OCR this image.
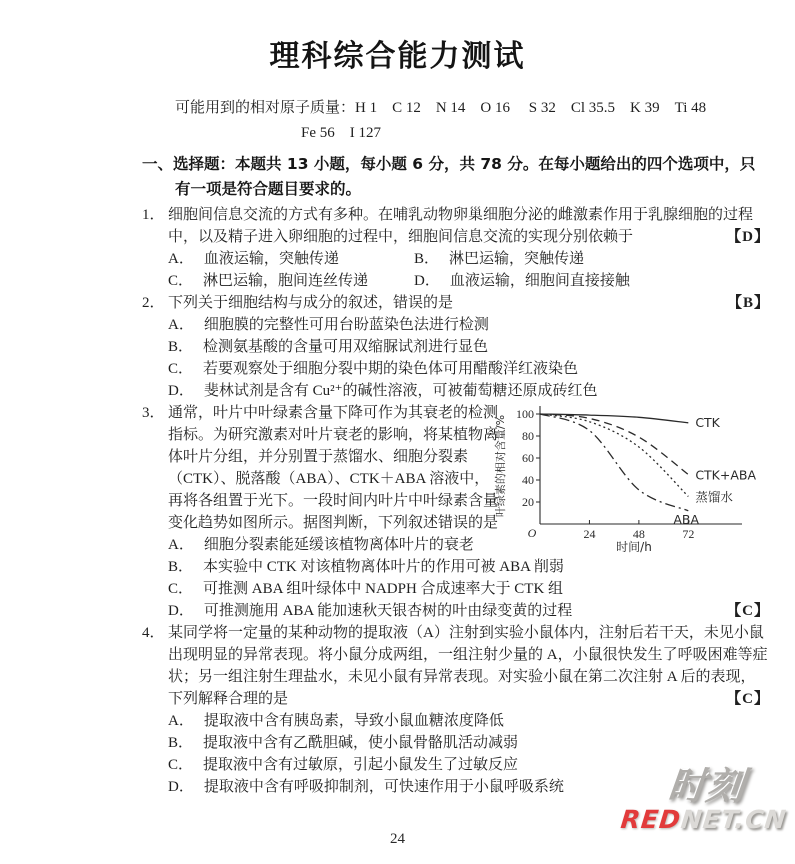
理科综合能力测试
可能用到的相对原子质量：H 1　C 12　N 14　O 16　 S 32　Cl 35.5　K 39　Ti 48
Fe 56　I 127
一、选择题：本题共 13 小题，每小题 6 分，共 78 分。在每小题给出的四个选项中，只有一项是符合题目要求的。

1． 细胞间信息交流的方式有多种。在哺乳动物卵巢细胞分泌的雌激素作用于乳腺细胞的过程中，以及精子进入卵细胞的过程中，细胞间信息交流的实现分别依赖于	【D】

A． 血液运输，突触传递	B． 淋巴运输，突触传递
C． 淋巴运输，胞间连丝传递	D． 血液运输，细胞间直接接触

2． 下列关于细胞结构与成分的叙述，错误的是	【B】

A． 细胞膜的完整性可用台盼蓝染色法进行检测
B． 检测氨基酸的含量可用双缩脲试剂进行显色
C． 若要观察处于细胞分裂中期的染色体可用醋酸洋红液染色
D． 斐林试剂是含有 Cu²⁺的碱性溶液，可被葡萄糖还原成砖红色

3． 通常，叶片中叶绿素含量下降可作为其衰老的检测指标。为研究激素对叶片衰老的影响，将某植物离体叶片分组，并分别置于蒸馏水、细胞分裂素（CTK）、脱落酸（ABA）、CTK＋ABA 溶液中，再将各组置于光下。一段时间内叶片中叶绿素含量变化趋势如图所示。据图判断，下列叙述错误的是

20
40
60
80
100
24	48	72
O
叶绿素的相对含量/%
时间/h
CTK
CTK+ABA
蒸馏水
ABA
A． 细胞分裂素能延缓该植物离体叶片的衰老
B． 本实验中 CTK 对该植物离体叶片的作用可被 ABA 削弱
C． 可推测 ABA 组叶绿体中 NADPH 合成速率大于 CTK 组
D． 可推测施用 ABA 能加速秋天银杏树的叶由绿变黄的过程	【C】

4． 某同学将一定量的某种动物的提取液（A）注射到实验小鼠体内，注射后若干天，未见小鼠出现明显的异常表现。将小鼠分成两组，一组注射少量的 A，小鼠很快发生了呼吸困难等症状；另一组注射生理盐水，未见小鼠有异常表现。对实验小鼠在第二次注射 A 后的表现，下列解释合理的是	【C】

A． 提取液中含有胰岛素，导致小鼠血糖浓度降低
B． 提取液中含有乙酰胆碱，使小鼠骨骼肌活动减弱
C． 提取液中含有过敏原，引起小鼠发生了过敏反应
D． 提取液中含有呼吸抑制剂，可快速作用于小鼠呼吸系统	时刻
REDNET.CN
24
